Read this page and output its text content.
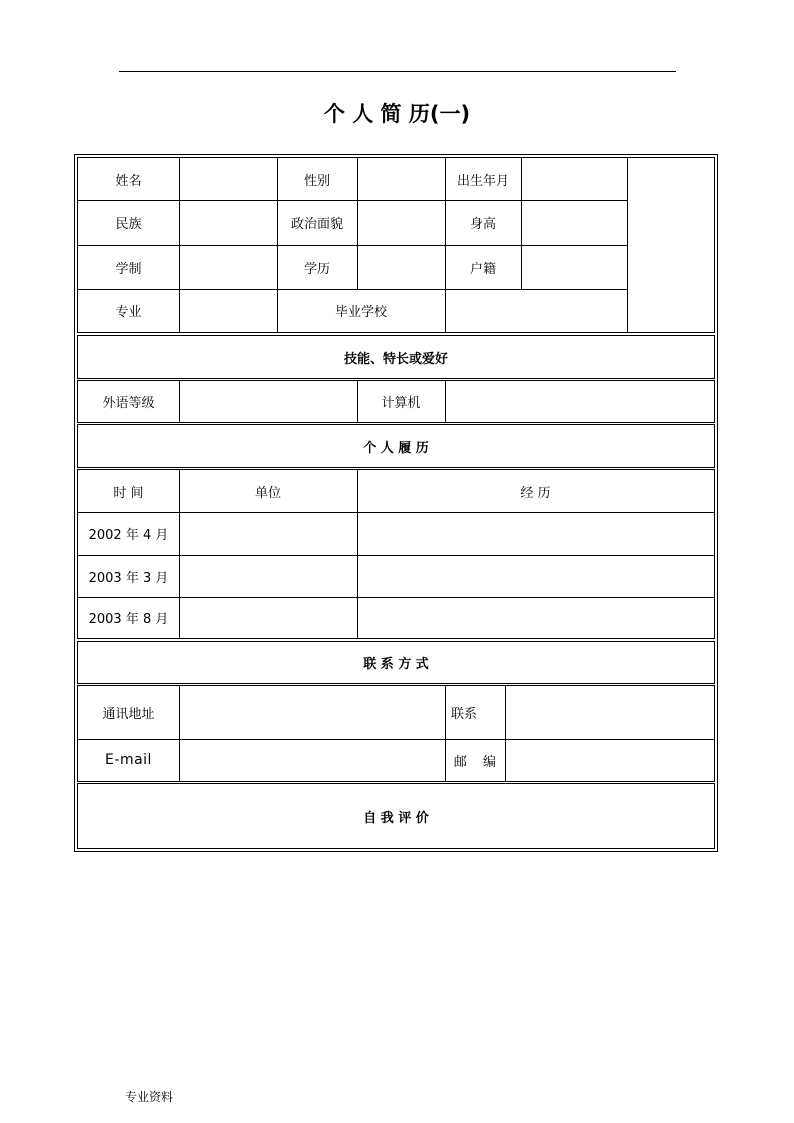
个 人 简 历(一)
姓名	性别	出生年月
民族	政治面貌	身高
学制	学历	户籍
专业	毕业学校
技能、特长或爱好
外语等级	计算机
个 人 履 历
时 间	单位	经 历
2002 年 4 月
2003 年 3 月
2003 年 8 月
联 系 方 式
通讯地址	联系
E-mail	邮 编
自 我 评 价
专业资料
